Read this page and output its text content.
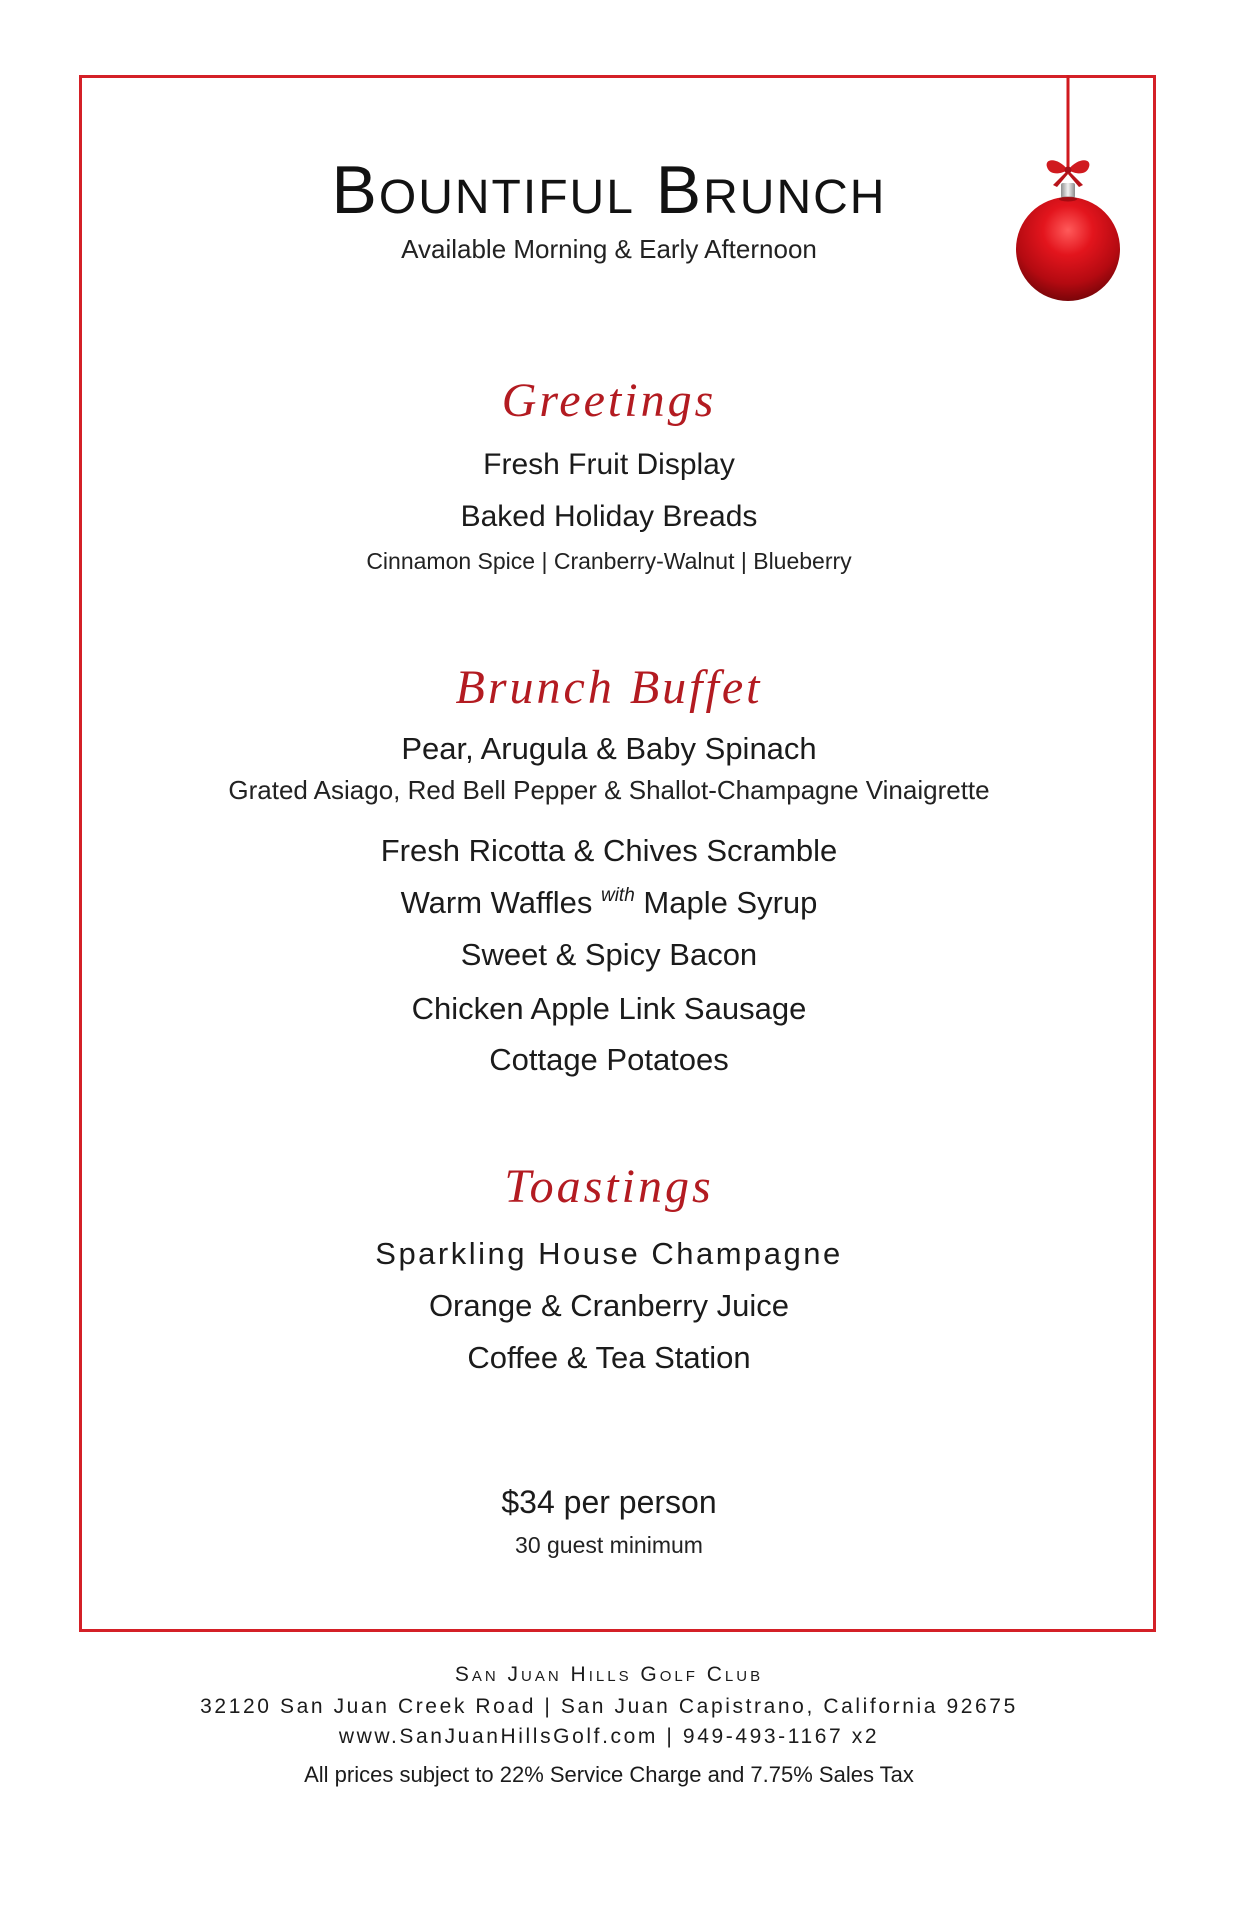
Bountiful Brunch
Available Morning & Early Afternoon
Greetings
Fresh Fruit Display
Baked Holiday Breads
Cinnamon Spice | Cranberry-Walnut | Blueberry
Brunch Buffet
Pear, Arugula & Baby Spinach
Grated Asiago, Red Bell Pepper & Shallot-Champagne Vinaigrette
Fresh Ricotta & Chives Scramble
Warm Waffles $^{with}$ Maple Syrup
Sweet & Spicy Bacon
Chicken Apple Link Sausage
Cottage Potatoes
Toastings
Sparkling House Champagne
Orange & Cranberry Juice
Coffee & Tea Station
$34 per person
30 guest minimum
San Juan Hills Golf Club
32120 San Juan Creek Road | San Juan Capistrano, California 92675
www.SanJuanHillsGolf.com | 949-493-1167 x2
All prices subject to 22% Service Charge and 7.75% Sales Tax
